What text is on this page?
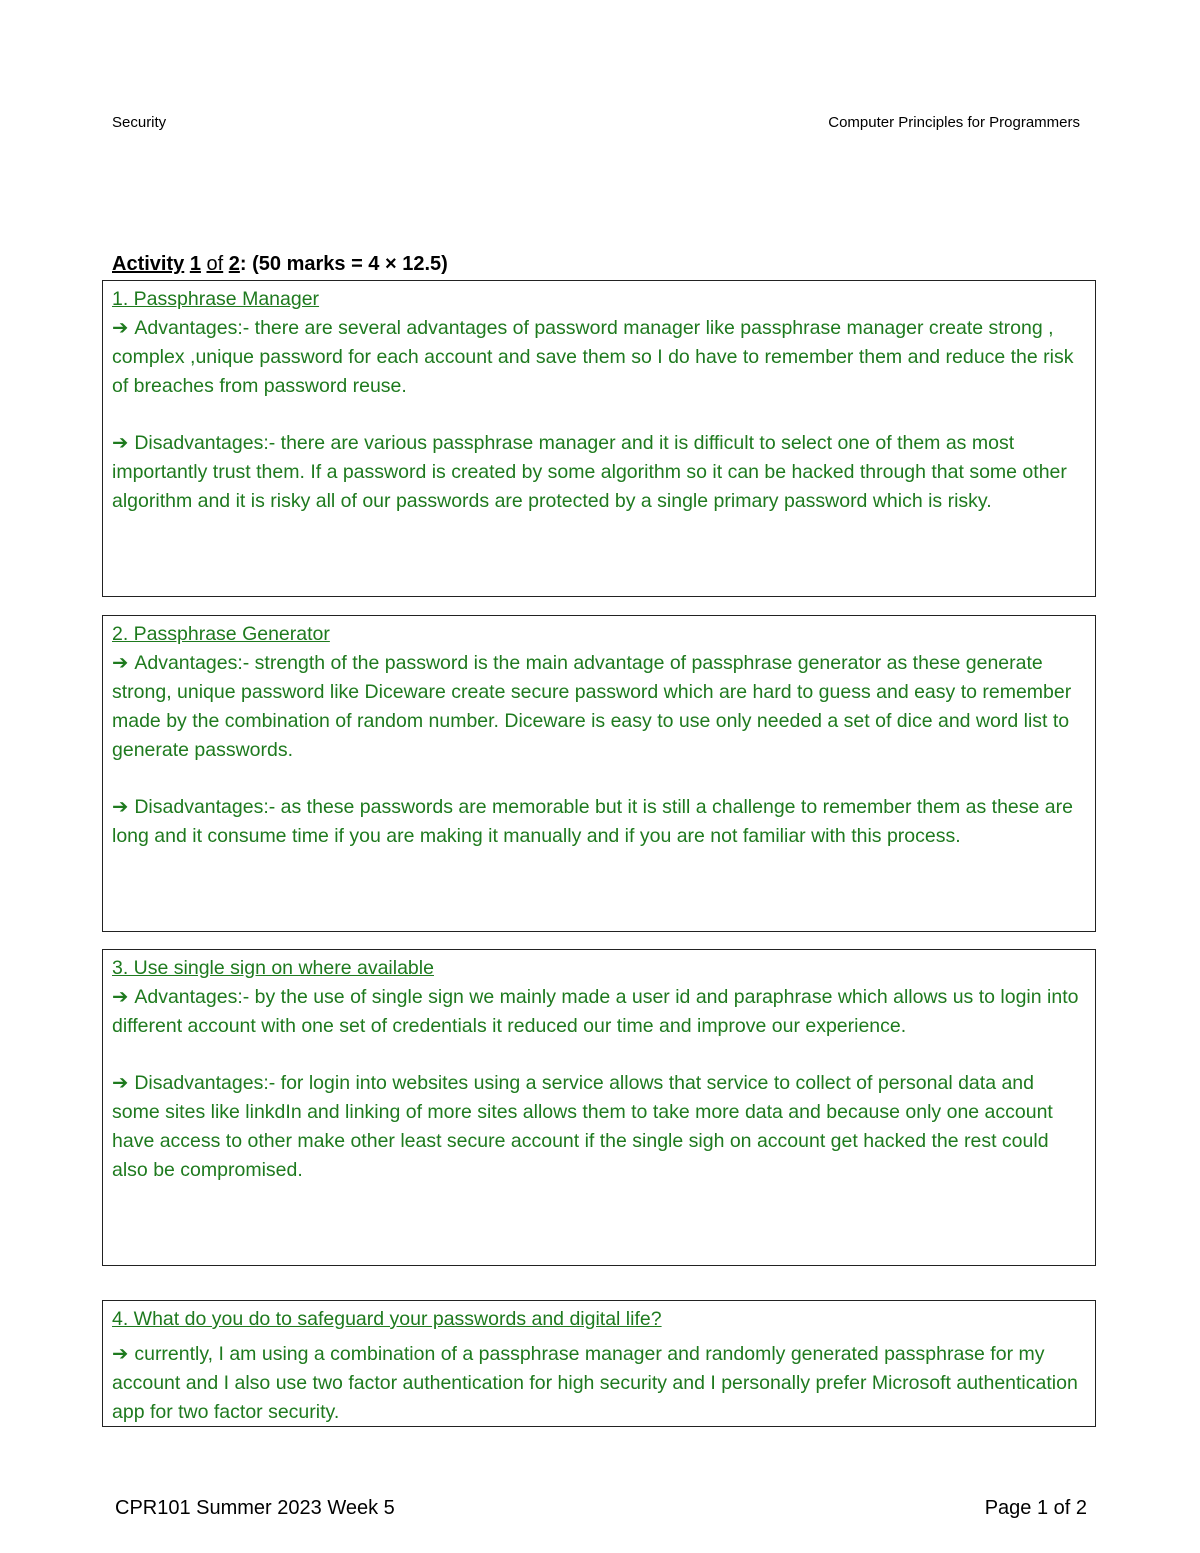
Security	Computer Principles for Programmers
Activity 1 of 2: (50 marks = 4 × 12.5)
1. Passphrase Manager

➔ Advantages:- there are several advantages of password manager like passphrase manager create strong , complex ,unique password for each account and save them so I do have to remember them and reduce the risk of breaches from password reuse.

➔ Disadvantages:- there are various passphrase manager and it is difficult to select one of them as most importantly trust them. If a password is created by some algorithm so it can be hacked through that some other algorithm and it is risky all of our passwords are protected by a single primary password which is risky.

2. Passphrase Generator

➔ Advantages:- strength of the password is the main advantage of passphrase generator as these generate strong, unique password like Diceware create secure password which are hard to guess and easy to remember made by the combination of random number. Diceware is easy to use only needed a set of dice and word list to generate passwords.

➔ Disadvantages:- as these passwords are memorable but it is still a challenge to remember them as these are long and it consume time if you are making it manually and if you are not familiar with this process.

3. Use single sign on where available

➔ Advantages:- by the use of single sign we mainly made a user id and paraphrase which allows us to login into different account with one set of credentials it reduced our time and improve our experience.

➔ Disadvantages:- for login into websites using a service allows that service to collect of personal data and some sites like linkdIn and linking of more sites allows them to take more data and because only one account have access to other make other least secure account if the single sigh on account get hacked the rest could also be compromised.

4. What do you do to safeguard your passwords and digital life?

➔ currently, I am using a combination of a passphrase manager and randomly generated passphrase for my account and I also use two factor authentication for high security and I personally prefer Microsoft authentication app for two factor security.

CPR101 Summer 2023 Week 5	Page 1 of 2
